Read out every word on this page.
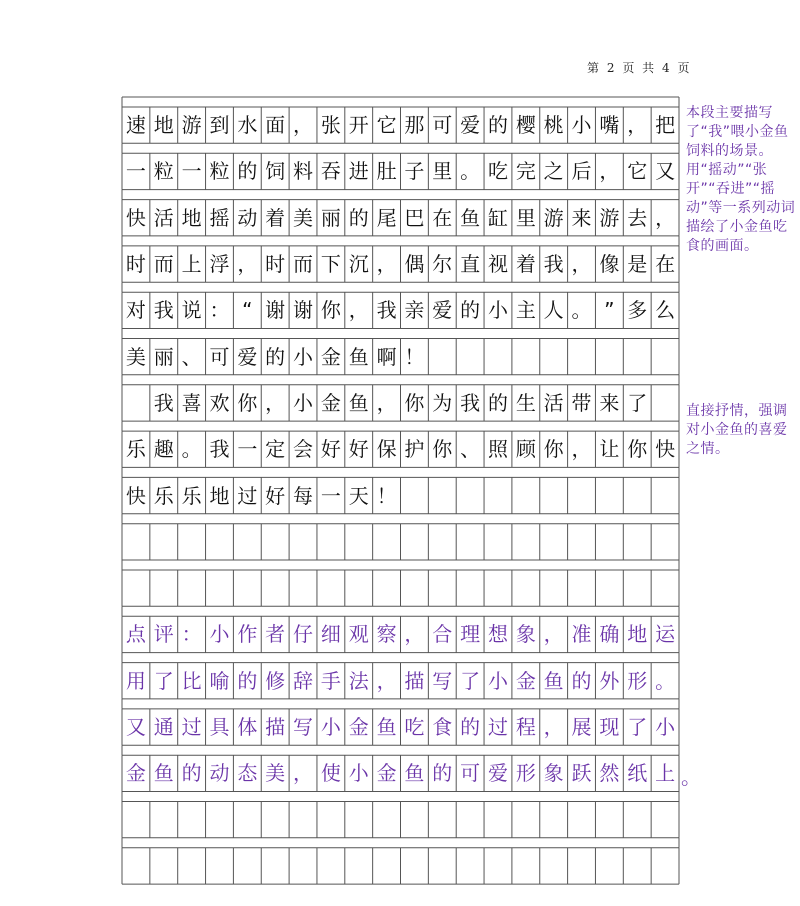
第 2 页 共 4 页
速 地 游 到 水 面 ， 张 开 它 那 可 爱 的 樱 桃 小 嘴 ， 把
一 粒 一 粒 的 饲 料 吞 进 肚 子 里 。 吃 完 之 后 ， 它 又
快 活 地 摇 动 着 美 丽 的 尾 巴 在 鱼 缸 里 游 来 游 去 ，
时 而 上 浮 ， 时 而 下 沉 ， 偶 尔 直 视 着 我 ， 像 是 在
对 我 说 ： “ 谢 谢 你 ， 我 亲 爱 的 小 主 人 。 ” 多 么
美 丽 、 可 爱 的 小 金 鱼 啊 ！
我 喜 欢 你 ， 小 金 鱼 ， 你 为 我 的 生 活 带 来 了
乐 趣 。 我 一 定 会 好 好 保 护 你 、 照 顾 你 ， 让 你 快
快 乐 乐 地 过 好 每 一 天 ！
点 评 ： 小 作 者 仔 细 观 察 ， 合 理 想 象 ， 准 确 地 运
用 了 比 喻 的 修 辞 手 法 ， 描 写 了 小 金 鱼 的 外 形 。
又 通 过 具 体 描 写 小 金 鱼 吃 食 的 过 程 ， 展 现 了 小
金 鱼 的 动 态 美 ， 使 小 金 鱼 的 可 爱 形 象 跃 然 纸 上
本段主要描写了“我”喂小金鱼饲料的场景。用“摇动”“张开”“吞进”“摇动”等一系列动词描绘了小金鱼吃食的画面。
直接抒情，强调对小金鱼的喜爱之情。
。
